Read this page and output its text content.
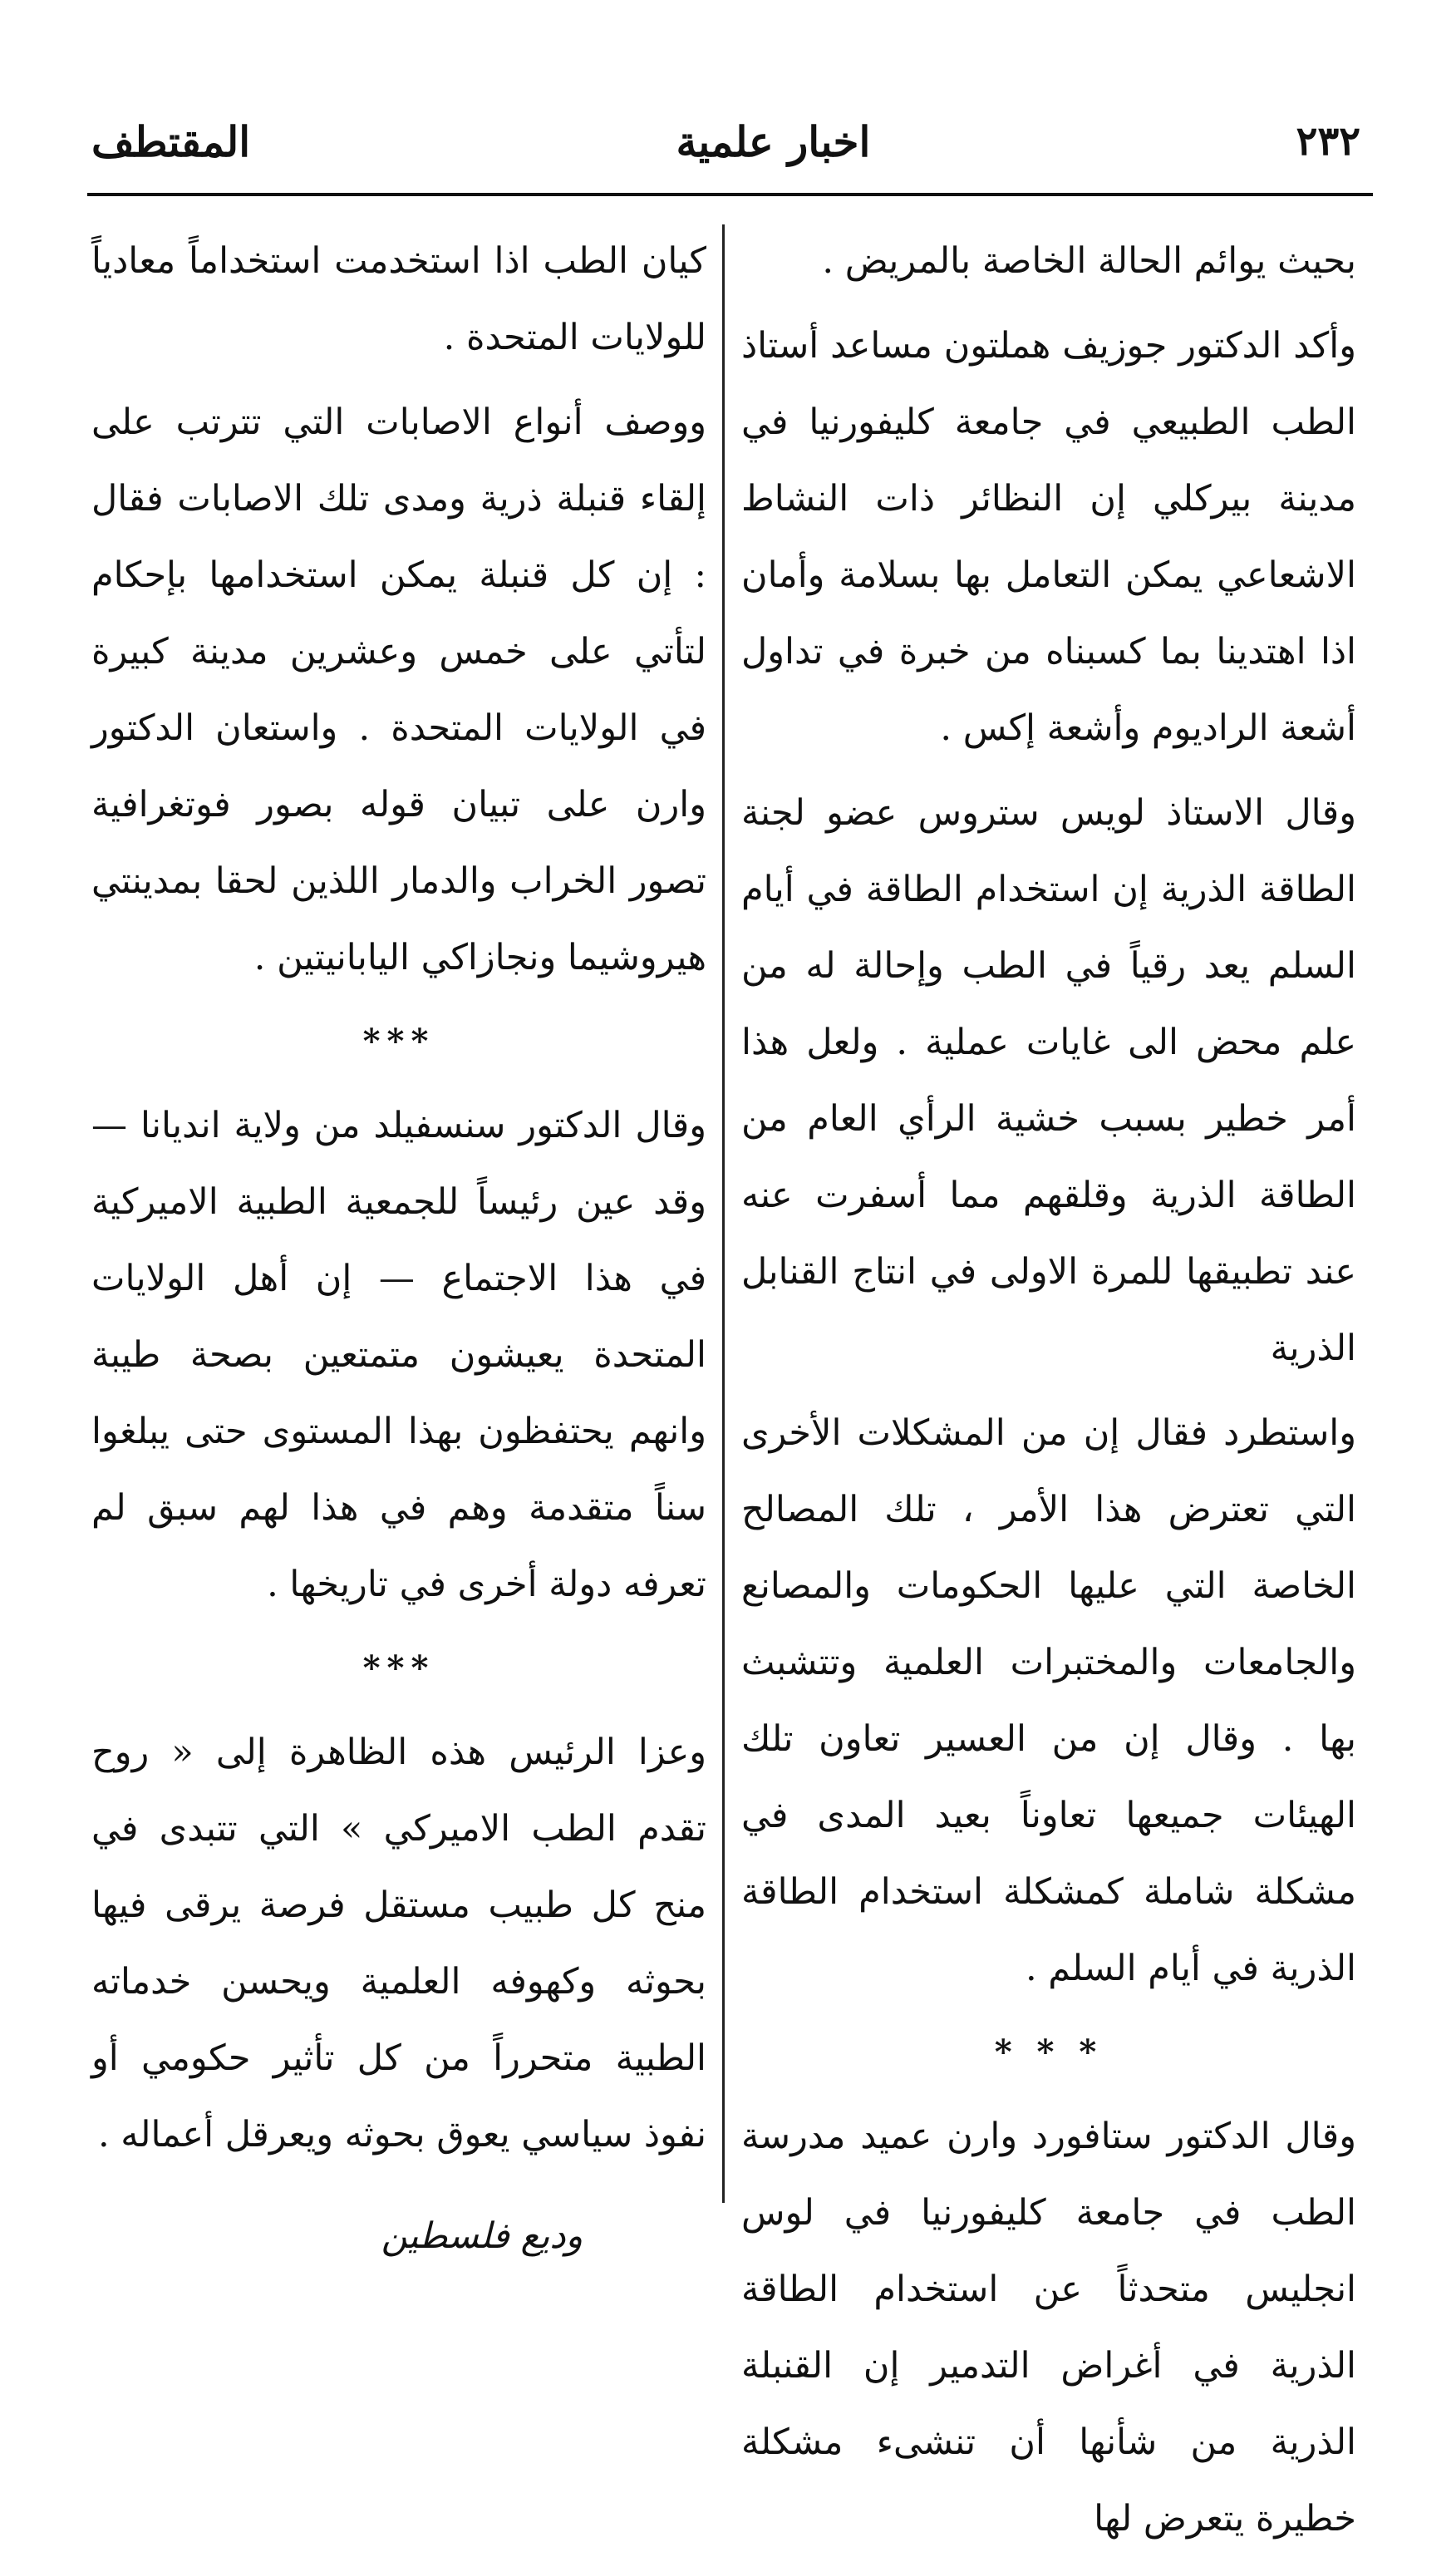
٢٣٢
اخبار علمية
المقتطف

بحيث يوائم الحالة الخاصة بالمريض .

وأكد الدكتور جوزيف هملتون مساعد أستاذ الطب الطبيعي في جامعة كليفورنيا في مدينة بيركلي إن النظائر ذات النشاط الاشعاعي يمكن التعامل بها بسلامة وأمان اذا اهتدينا بما كسبناه من خبرة في تداول أشعة الراديوم وأشعة إكس .

وقال الاستاذ لويس ستروس عضو لجنة الطاقة الذرية إن استخدام الطاقة في أيام السلم يعد رقياً في الطب وإحالة له من علم محض الى غايات عملية . ولعل هذا أمر خطير بسبب خشية الرأي العام من الطاقة الذرية وقلقهم مما أسفرت عنه عند تطبيقها للمرة الاولى في انتاج القنابل الذرية

واستطرد فقال إن من المشكلات الأخرى التي تعترض هذا الأمر ، تلك المصالح الخاصة التي عليها الحكومات والمصانع والجامعات والمختبرات العلمية وتتشبث بها . وقال إن من العسير تعاون تلك الهيئات جميعها تعاوناً بعيد المدى في مشكلة شاملة كمشكلة استخدام الطاقة الذرية في أيام السلم .

* * *

وقال الدكتور ستافورد وارن عميد مدرسة الطب في جامعة كليفورنيا في لوس انجليس متحدثاً عن استخدام الطاقة الذرية في أغراض التدمير إن القنبلة الذرية من شأنها أن تنشىء مشكلة خطيرة يتعرض لها

كيان الطب اذا استخدمت استخداماً معادياً للولايات المتحدة .

ووصف أنواع الاصابات التي تترتب على إلقاء قنبلة ذرية ومدى تلك الاصابات فقال : إن كل قنبلة يمكن استخدامها بإحكام لتأتي على خمس وعشرين مدينة كبيرة في الولايات المتحدة . واستعان الدكتور وارن على تبيان قوله بصور فوتغرافية تصور الخراب والدمار اللذين لحقا بمدينتي هيروشيما ونجازاكي اليابانيتين .

***

وقال الدكتور سنسفيلد من ولاية انديانا — وقد عين رئيساً للجمعية الطبية الاميركية في هذا الاجتماع — إن أهل الولايات المتحدة يعيشون متمتعين بصحة طيبة وانهم يحتفظون بهذا المستوى حتى يبلغوا سناً متقدمة وهم في هذا لهم سبق لم تعرفه دولة أخرى في تاريخها .

***

وعزا الرئيس هذه الظاهرة إلى « روح تقدم الطب الاميركي » التي تتبدى في منح كل طبيب مستقل فرصة يرقى فيها بحوثه وكهوفه العلمية ويحسن خدماته الطبية متحرراً من كل تأثير حكومي أو نفوذ سياسي يعوق بحوثه ويعرقل أعماله .

وديع فلسطين
